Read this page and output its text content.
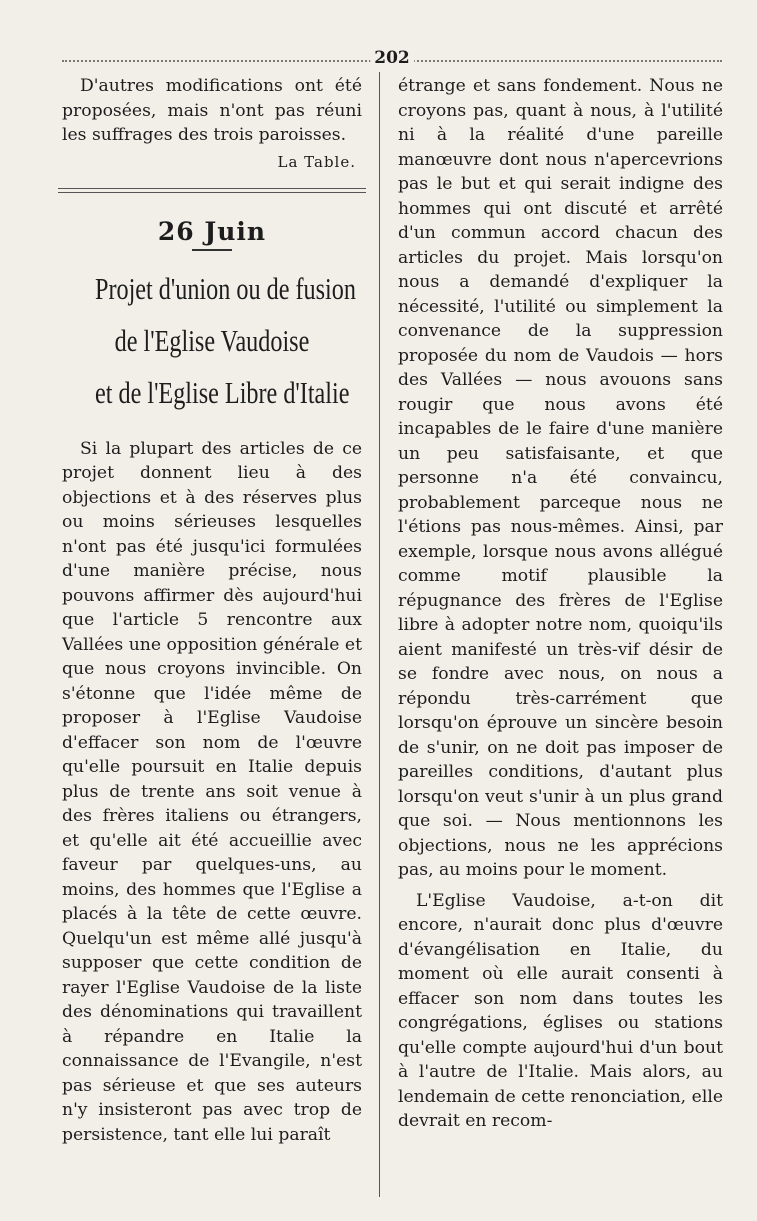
202

D'autres modifications ont été proposées, mais n'ont pas réuni les suffrages des trois paroisses.

La Table.
26 Juin
Projet d'union ou de fusion
de l'Eglise Vaudoise
et de l'Eglise Libre d'Italie

Si la plupart des articles de ce projet donnent lieu à des objections et à des réserves plus ou moins sérieuses lesquelles n'ont pas été jusqu'ici formulées d'une manière précise, nous pouvons affirmer dès aujourd'hui que l'article 5 rencontre aux Vallées une opposition générale et que nous croyons invincible. On s'étonne que l'idée même de proposer à l'Eglise Vaudoise d'effacer son nom de l'œuvre qu'elle poursuit en Italie depuis plus de trente ans soit venue à des frères italiens ou étrangers, et qu'elle ait été accueillie avec faveur par quelques-uns, au moins, des hommes que l'Eglise a placés à la tête de cette œuvre. Quelqu'un est même allé jusqu'à supposer que cette condition de rayer l'Eglise Vaudoise de la liste des dénominations qui travaillent à répandre en Italie la connaissance de l'Evangile, n'est pas sérieuse et que ses auteurs n'y insisteront pas avec trop de persistence, tant elle lui paraît

étrange et sans fondement. Nous ne croyons pas, quant à nous, à l'utilité ni à la réalité d'une pareille manœuvre dont nous n'apercevrions pas le but et qui serait indigne des hommes qui ont discuté et arrêté d'un commun accord chacun des articles du projet. Mais lorsqu'on nous a demandé d'expliquer la nécessité, l'utilité ou simplement la convenance de la suppression proposée du nom de Vaudois — hors des Vallées — nous avouons sans rougir que nous avons été incapables de le faire d'une manière un peu satisfaisante, et que personne n'a été convaincu, probablement parceque nous ne l'étions pas nous-mêmes. Ainsi, par exemple, lorsque nous avons allégué comme motif plausible la répugnance des frères de l'Eglise libre à adopter notre nom, quoiqu'ils aient manifesté un très-vif désir de se fondre avec nous, on nous a répondu très-carrément que lorsqu'on éprouve un sincère besoin de s'unir, on ne doit pas imposer de pareilles conditions, d'autant plus lorsqu'on veut s'unir à un plus grand que soi. — Nous mentionnons les objections, nous ne les apprécions pas, au moins pour le moment.

L'Eglise Vaudoise, a-t-on dit encore, n'aurait donc plus d'œuvre d'évangélisation en Italie, du moment où elle aurait consenti à effacer son nom dans toutes les congrégations, églises ou stations qu'elle compte aujourd'hui d'un bout à l'autre de l'Italie. Mais alors, au lendemain de cette renonciation, elle devrait en recom-
